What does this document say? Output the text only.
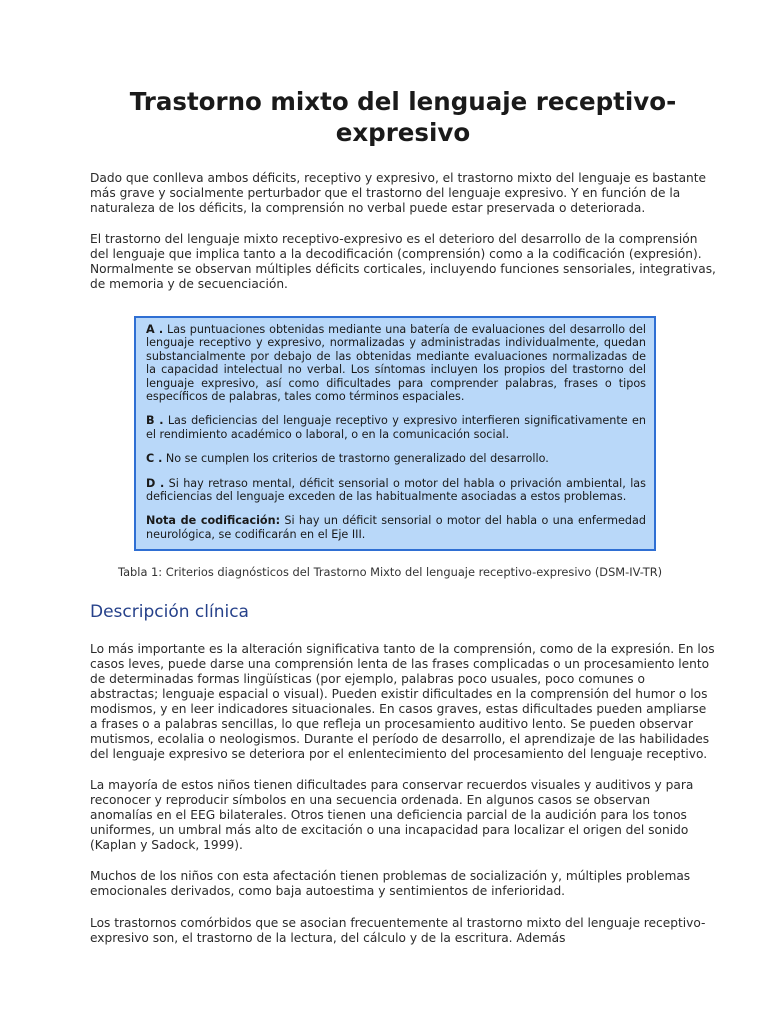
Trastorno mixto del lenguaje receptivo-expresivo

Dado que conlleva ambos déficits, receptivo y expresivo, el trastorno mixto del lenguaje es bastante más grave y socialmente perturbador que el trastorno del lenguaje expresivo. Y en función de la naturaleza de los déficits, la comprensión no verbal puede estar preservada o deteriorada.

El trastorno del lenguaje mixto receptivo-expresivo es el deterioro del desarrollo de la comprensión del lenguaje que implica tanto a la decodificación (comprensión) como a la codificación (expresión). Normalmente se observan múltiples déficits corticales, incluyendo funciones sensoriales, integrativas, de memoria y de secuenciación.

A . Las puntuaciones obtenidas mediante una batería de evaluaciones del desarrollo del lenguaje receptivo y expresivo, normalizadas y administradas individualmente, quedan substancialmente por debajo de las obtenidas mediante evaluaciones normalizadas de la capacidad intelectual no verbal. Los síntomas incluyen los propios del trastorno del lenguaje expresivo, así como dificultades para comprender palabras, frases o tipos específicos de palabras, tales como términos espaciales.

B . Las deficiencias del lenguaje receptivo y expresivo interfieren significativamente en el rendimiento académico o laboral, o en la comunicación social.

C . No se cumplen los criterios de trastorno generalizado del desarrollo.

D . Si hay retraso mental, déficit sensorial o motor del habla o privación ambiental, las deficiencias del lenguaje exceden de las habitualmente asociadas a estos problemas.

Nota de codificación: Si hay un déficit sensorial o motor del habla o una enfermedad neurológica, se codificarán en el Eje III.

Tabla 1: Criterios diagnósticos del Trastorno Mixto del lenguaje receptivo-expresivo (DSM-IV-TR)

Descripción clínica

Lo más importante es la alteración significativa tanto de la comprensión, como de la expresión. En los casos leves, puede darse una comprensión lenta de las frases complicadas o un procesamiento lento de determinadas formas lingüísticas (por ejemplo, palabras poco usuales, poco comunes o abstractas; lenguaje espacial o visual). Pueden existir dificultades en la comprensión del humor o los modismos, y en leer indicadores situacionales. En casos graves, estas dificultades pueden ampliarse a frases o a palabras sencillas, lo que refleja un procesamiento auditivo lento. Se pueden observar mutismos, ecolalia o neologismos. Durante el período de desarrollo, el aprendizaje de las habilidades del lenguaje expresivo se deteriora por el enlentecimiento del procesamiento del lenguaje receptivo.

La mayoría de estos niños tienen dificultades para conservar recuerdos visuales y auditivos y para reconocer y reproducir símbolos en una secuencia ordenada. En algunos casos se observan anomalías en el EEG bilaterales. Otros tienen una deficiencia parcial de la audición para los tonos uniformes, un umbral más alto de excitación o una incapacidad para localizar el origen del sonido (Kaplan y Sadock, 1999).

Muchos de los niños con esta afectación tienen problemas de socialización y, múltiples problemas emocionales derivados, como baja autoestima y sentimientos de inferioridad.

Los trastornos comórbidos que se asocian frecuentemente al trastorno mixto del lenguaje receptivo-expresivo son, el trastorno de la lectura, del cálculo y de la escritura. Además
